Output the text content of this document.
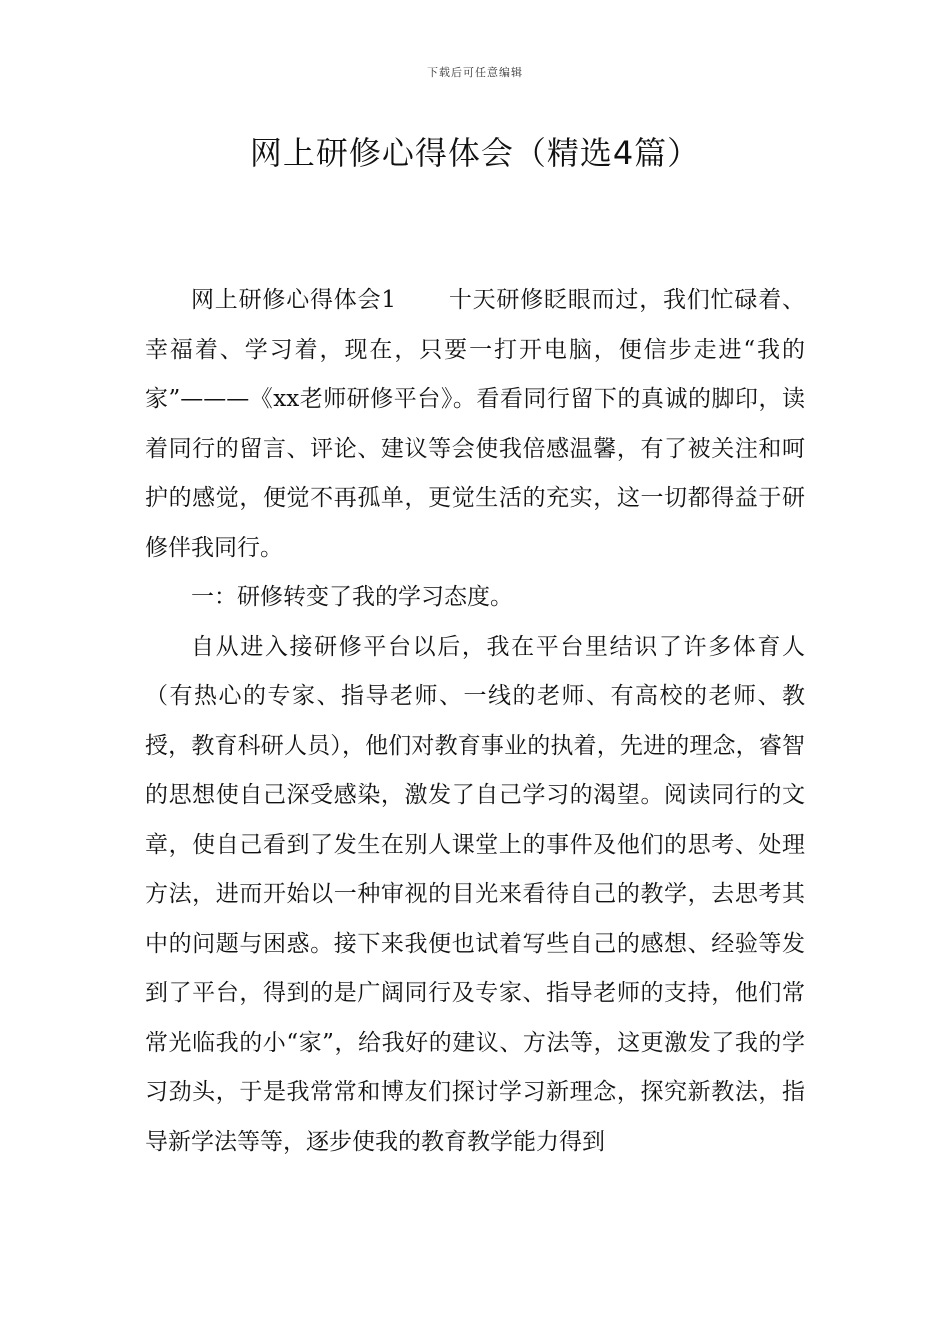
下载后可任意编辑
网上研修心得体会（精选4篇）

网上研修心得体会1 十天研修眨眼而过，我们忙碌着、幸福着、学习着，现在，只要一打开电脑，便信步走进“我的家”———《xx老师研修平台》。看看同行留下的真诚的脚印，读着同行的留言、评论、建议等会使我倍感温馨，有了被关注和呵护的感觉，便觉不再孤单，更觉生活的充实，这一切都得益于研修伴我同行。

一：研修转变了我的学习态度。

自从进入接研修平台以后，我在平台里结识了许多体育人（有热心的专家、指导老师、一线的老师、有高校的老师、教授，教育科研人员），他们对教育事业的执着，先进的理念，睿智的思想使自己深受感染，激发了自己学习的渴望。阅读同行的文章，使自己看到了发生在别人课堂上的事件及他们的思考、处理方法，进而开始以一种审视的目光来看待自己的教学，去思考其中的问题与困惑。接下来我便也试着写些自己的感想、经验等发到了平台，得到的是广阔同行及专家、指导老师的支持，他们常常光临我的小“家”，给我好的建议、方法等，这更激发了我的学习劲头，于是我常常和博友们探讨学习新理念，探究新教法，指导新学法等等，逐步使我的教育教学能力得到
